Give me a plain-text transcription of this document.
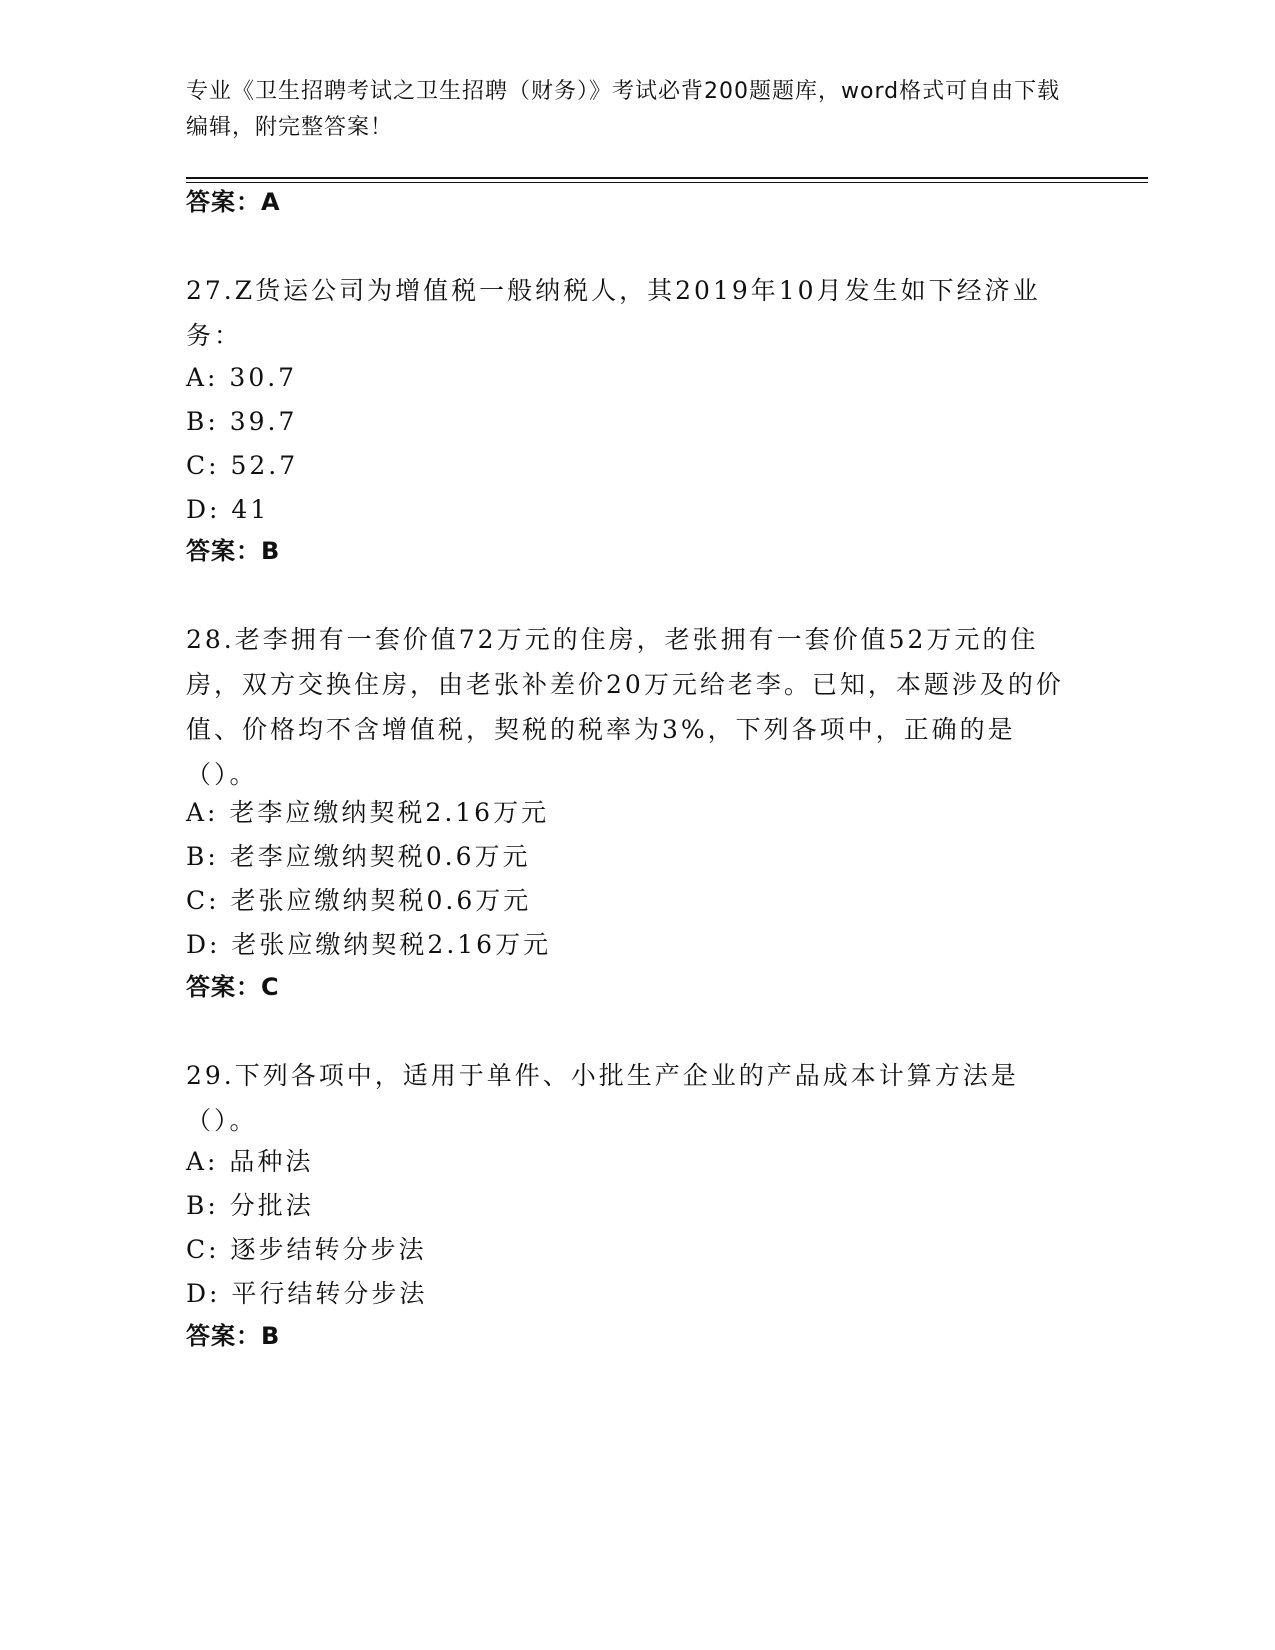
专业《卫生招聘考试之卫生招聘（财务）》考试必背200题题库，word格式可自由下载编辑，附完整答案！
答案：A
27.Z货运公司为增值税一般纳税人，其2019年10月发生如下经济业务：
A: 30.7
B: 39.7
C: 52.7
D: 41
答案：B
28.老李拥有一套价值72万元的住房，老张拥有一套价值52万元的住房，双方交换住房，由老张补差价20万元给老李。已知，本题涉及的价值、价格均不含增值税，契税的税率为3%，下列各项中，正确的是（）。
A: 老李应缴纳契税2.16万元
B: 老李应缴纳契税0.6万元
C: 老张应缴纳契税0.6万元
D: 老张应缴纳契税2.16万元
答案：C
29.下列各项中，适用于单件、小批生产企业的产品成本计算方法是（）。
A: 品种法
B: 分批法
C: 逐步结转分步法
D: 平行结转分步法
答案：B
